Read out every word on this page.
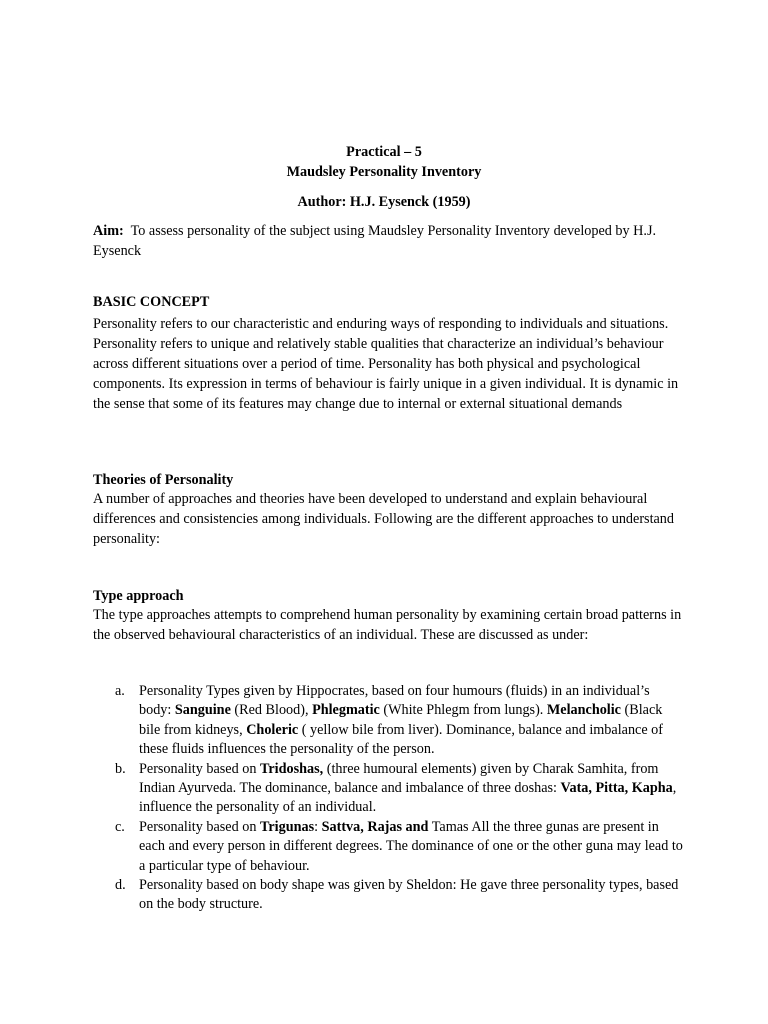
Practical – 5
Maudsley Personality Inventory
Author: H.J. Eysenck (1959)

Aim: To assess personality of the subject using Maudsley Personality Inventory developed by H.J. Eysenck

BASIC CONCEPT

Personality refers to our characteristic and enduring ways of responding to individuals and situations. Personality refers to unique and relatively stable qualities that characterize an individual’s behaviour across different situations over a period of time. Personality has both physical and psychological components. Its expression in terms of behaviour is fairly unique in a given individual. It is dynamic in the sense that some of its features may change due to internal or external situational demands

Theories of Personality

A number of approaches and theories have been developed to understand and explain behavioural differences and consistencies among individuals. Following are the different approaches to understand personality:

Type approach

The type approaches attempts to comprehend human personality by examining certain broad patterns in the observed behavioural characteristics of an individual. These are discussed as under:

a. Personality Types given by Hippocrates, based on four humours (fluids) in an individual’s body: Sanguine (Red Blood), Phlegmatic (White Phlegm from lungs). Melancholic (Black bile from kidneys, Choleric ( yellow bile from liver). Dominance, balance and imbalance of these fluids influences the personality of the person.
b. Personality based on Tridoshas, (three humoural elements) given by Charak Samhita, from Indian Ayurveda. The dominance, balance and imbalance of three doshas: Vata, Pitta, Kapha, influence the personality of an individual.
c. Personality based on Trigunas: Sattva, Rajas and Tamas All the three gunas are present in each and every person in different degrees. The dominance of one or the other guna may lead to a particular type of behaviour.
d. Personality based on body shape was given by Sheldon: He gave three personality types, based on the body structure.
